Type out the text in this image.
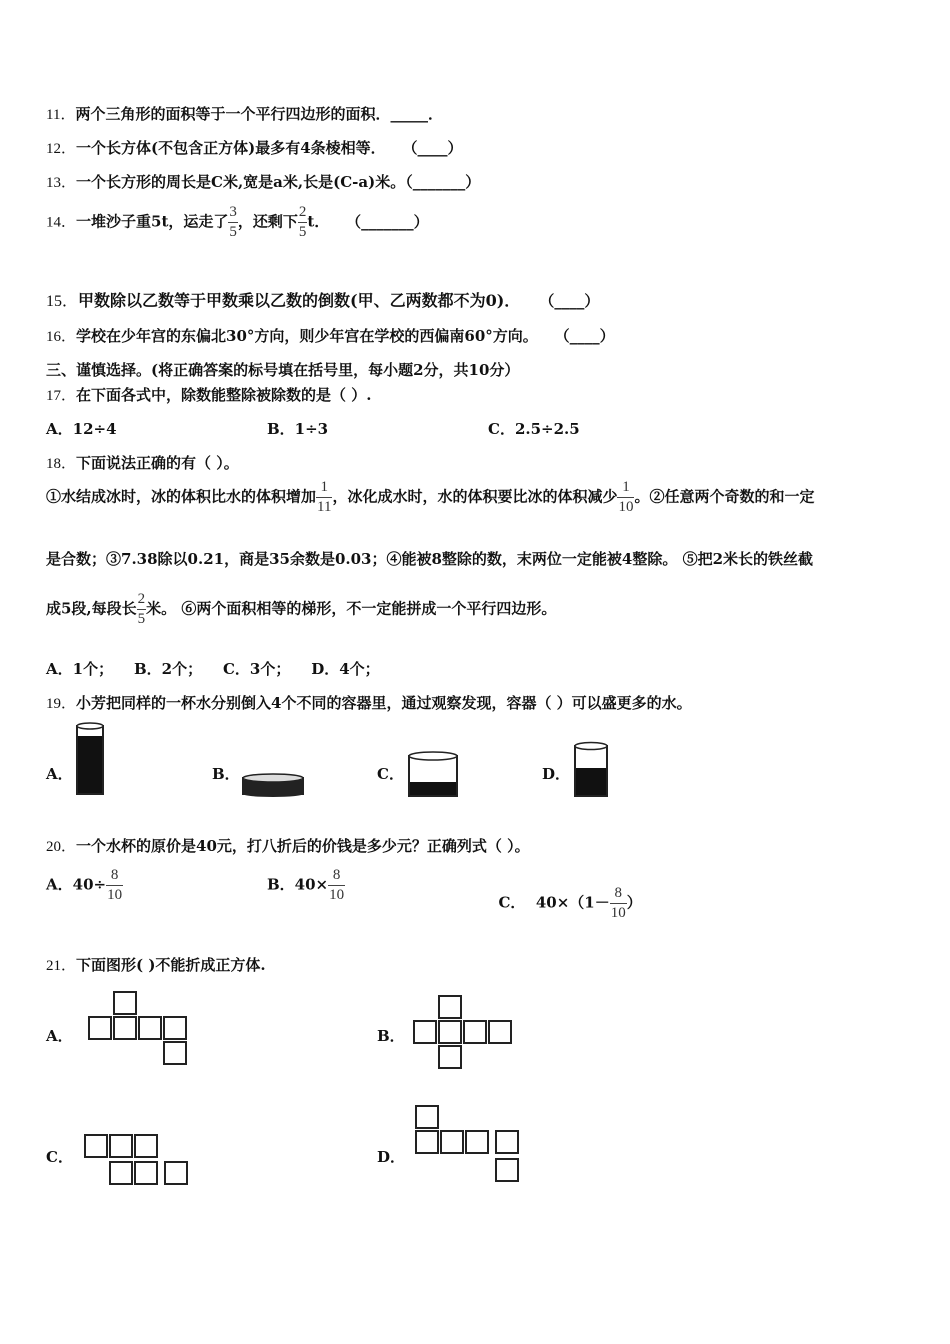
11．两个三角形的面积等于一个平行四边形的面积．_____．
12．一个长方体(不包含正方体)最多有4条棱相等． （____）
13．一个长方形的周长是C米,宽是a米,长是(C-a)米。（_______）
14．一堆沙子重5t，运走了 $\frac{3}{5}$ ，还剩下 $\frac{2}{5}$ t． （_______）
15．甲数除以乙数等于甲数乘以乙数的倒数(甲、乙两数都不为0)． （____）
16．学校在少年宫的东偏北30°方向，则少年宫在学校的西偏南60°方向。 （____）
三、谨慎选择。(将正确答案的标号填在括号里，每小题2分，共10分）
17．在下面各式中，除数能整除被除数的是（ ）.
A．12÷4	B．1÷3	C．2.5÷2.5
18．下面说法正确的有（ ）。
①水结成冰时，冰的体积比水的体积增加 $\frac{1}{11}$ ，冰化成水时，水的体积要比冰的体积减少 $\frac{1}{10}$ 。②任意两个奇数的和一定
是合数；③7.38除以0.21，商是35余数是0.03；④能被8整除的数，末两位一定能被4整除。 ⑤把2米长的铁丝截
成5段,每段长 $\frac{2}{5}$ 米。 ⑥两个面积相等的梯形，不一定能拼成一个平行四边形。
A．1个；    B．2个；    C．3个；    D．4个；
19．小芳把同样的一杯水分别倒入4个不同的容器里，通过观察发现，容器（ ）可以盛更多的水。
A．	B．	C．	D．
20．一个水杯的原价是40元，打八折后的价钱是多少元？正确列式（ ）。
A．$40\div \frac{8}{10}$	B．$40\times \frac{8}{10}$	C．  $40\times(1- \frac{8}{10}$ ）

21．下面图形( )不能折成正方体.
A．	B．
C．	D．
